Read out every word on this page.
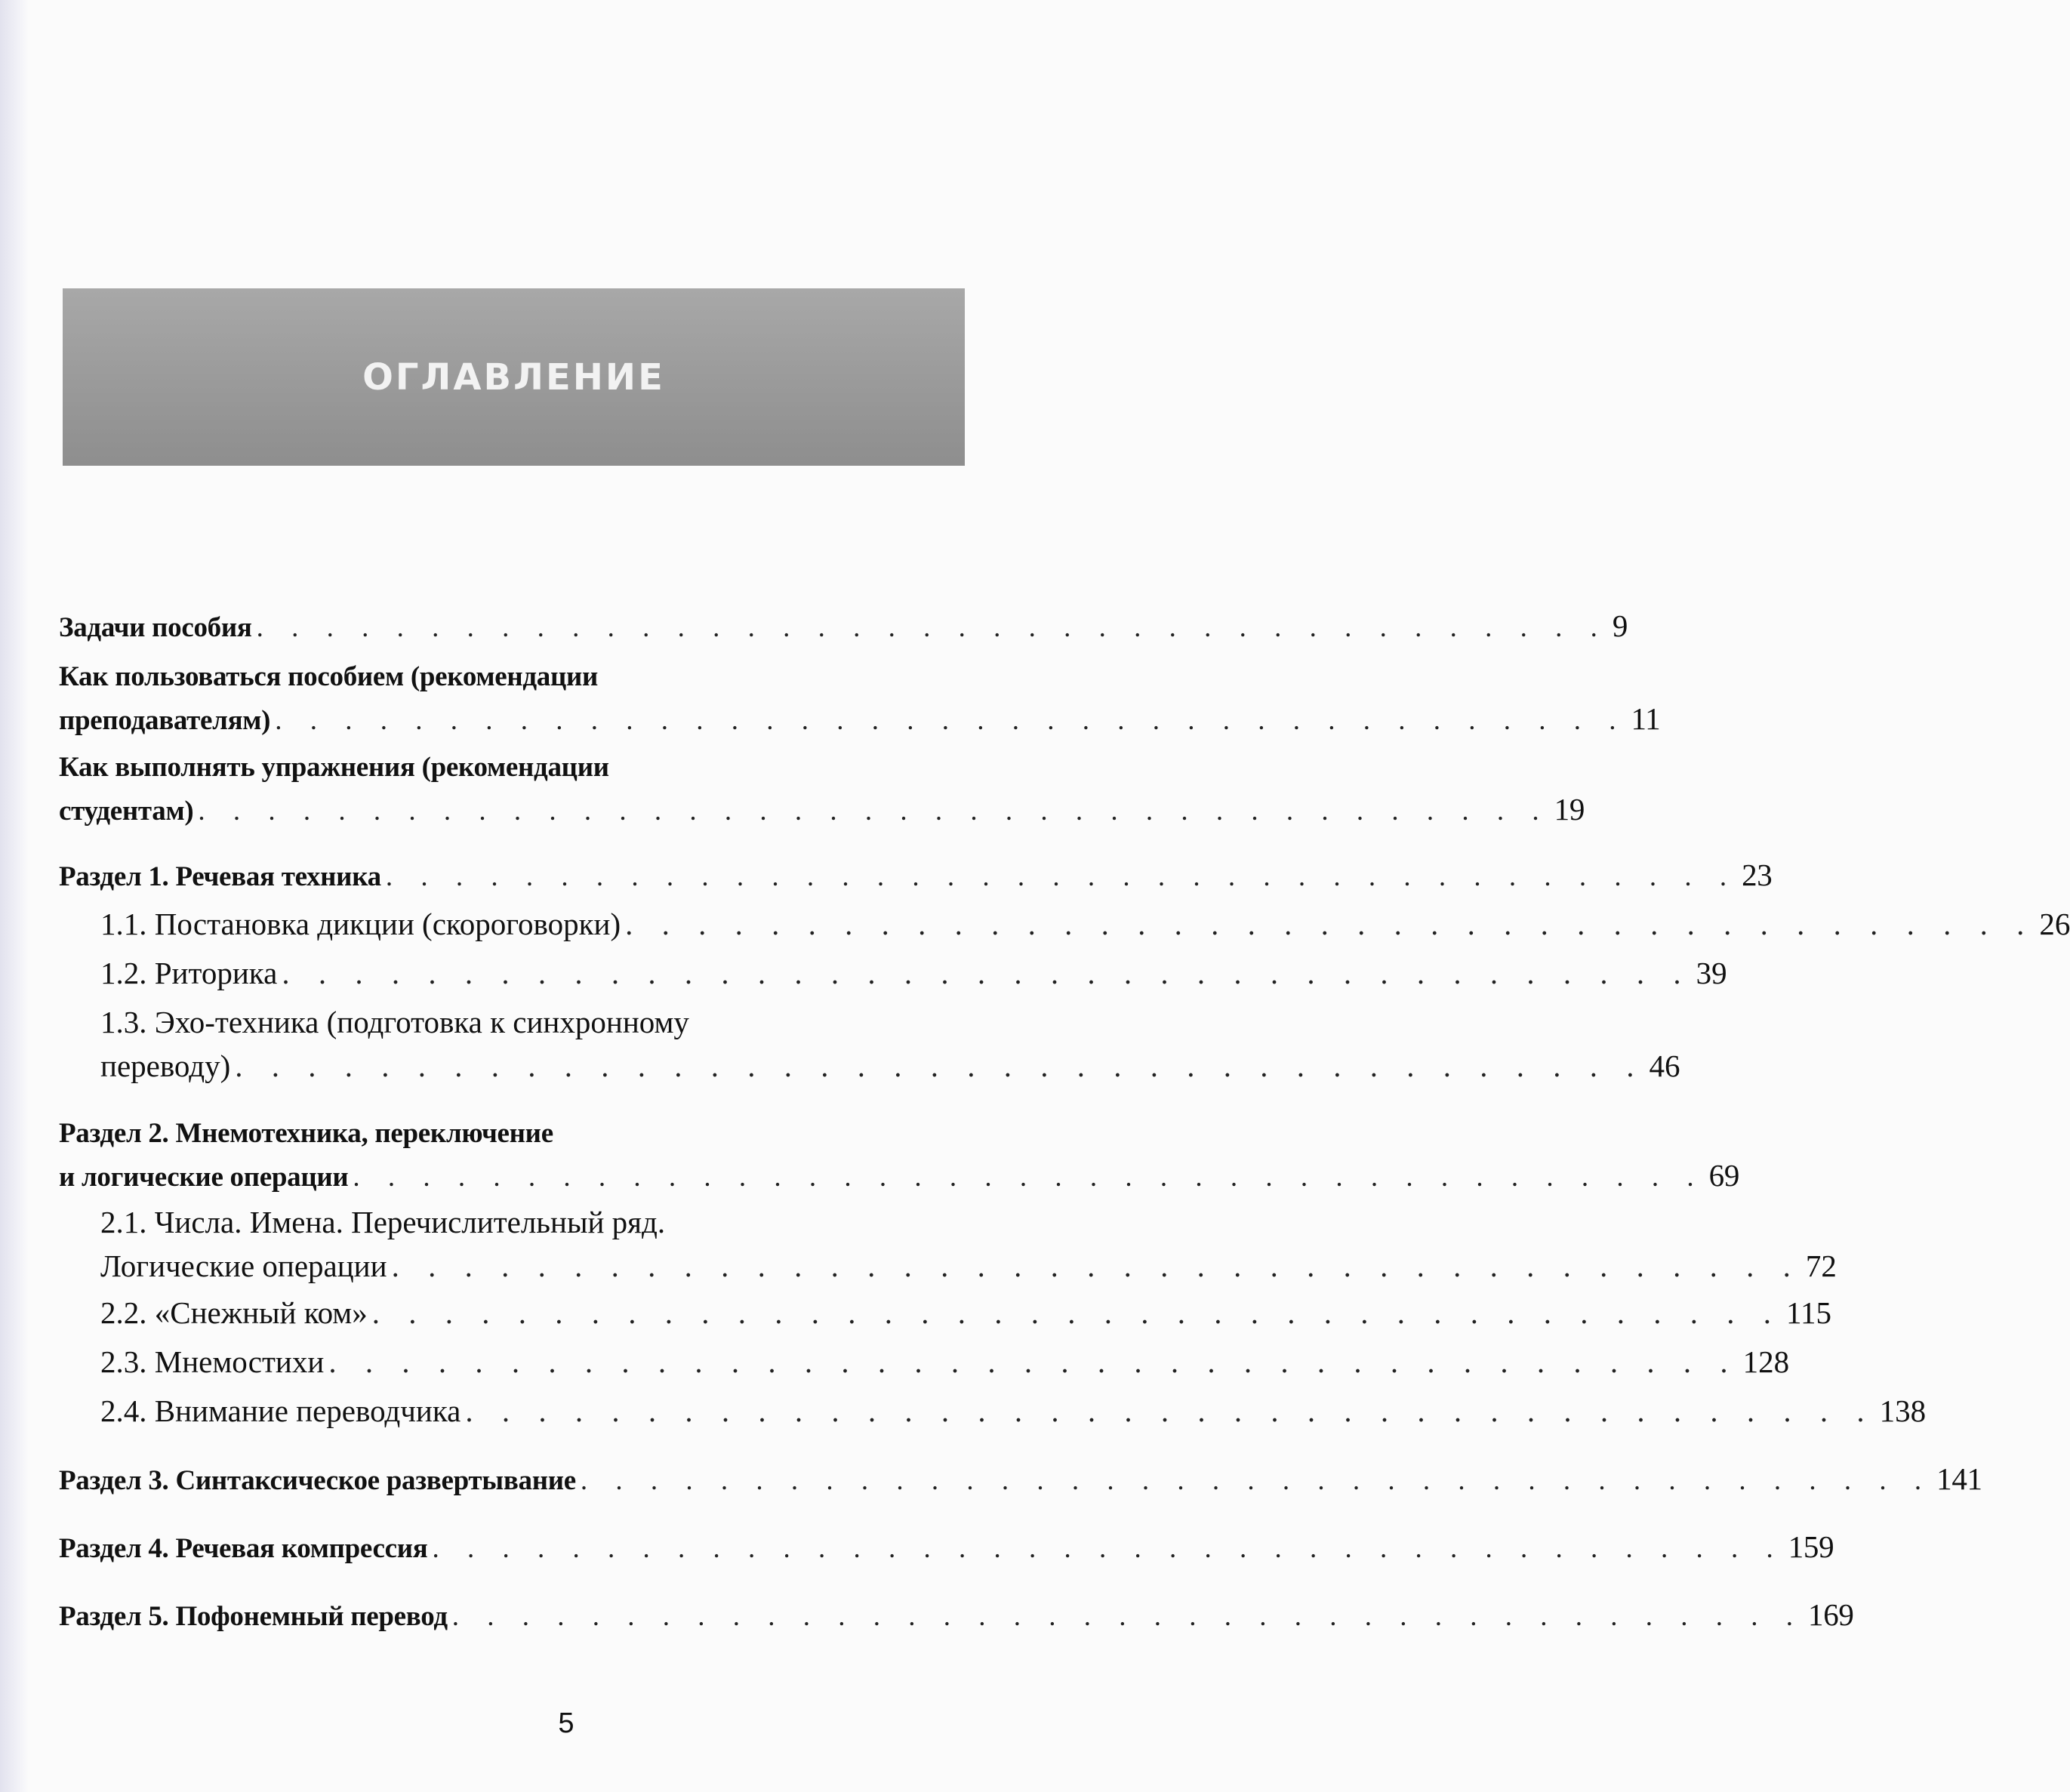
ОГЛАВЛЕНИЕ
Задачи пособия . . . . . . . . . . . . . . . . . . . . . . . . . . . . . . . . . . . . . . . 9
Как пользоваться пособием (рекомендации
преподавателям) . . . . . . . . . . . . . . . . . . . . . . . . . . . . . . . . . . . . . . . 11
Как выполнять упражнения (рекомендации
студентам) . . . . . . . . . . . . . . . . . . . . . . . . . . . . . . . . . . . . . . . 19
Раздел 1. Речевая техника . . . . . . . . . . . . . . . . . . . . . . . . . . . . . . . . . . . . . . . 23
1.1. Постановка дикции (скороговорки) . . . . . . . . . . . . . . . . . . . . . . . . . . . . . . . . . . . . . . . 26
1.2. Риторика . . . . . . . . . . . . . . . . . . . . . . . . . . . . . . . . . . . . . . . 39
1.3. Эхо-техника (подготовка к синхронному
переводу) . . . . . . . . . . . . . . . . . . . . . . . . . . . . . . . . . . . . . . . 46
Раздел 2. Мнемотехника, переключение
и логические операции . . . . . . . . . . . . . . . . . . . . . . . . . . . . . . . . . . . . . . . 69
2.1. Числа. Имена. Перечислительный ряд.
Логические операции . . . . . . . . . . . . . . . . . . . . . . . . . . . . . . . . . . . . . . . 72
2.2. «Снежный ком» . . . . . . . . . . . . . . . . . . . . . . . . . . . . . . . . . . . . . . . 115
2.3. Мнемостихи . . . . . . . . . . . . . . . . . . . . . . . . . . . . . . . . . . . . . . . 128
2.4. Внимание переводчика . . . . . . . . . . . . . . . . . . . . . . . . . . . . . . . . . . . . . . . 138
Раздел 3. Синтаксическое развертывание . . . . . . . . . . . . . . . . . . . . . . . . . . . . . . . . . . . . . . . 141
Раздел 4. Речевая компрессия . . . . . . . . . . . . . . . . . . . . . . . . . . . . . . . . . . . . . . . 159
Раздел 5. Пофонемный перевод . . . . . . . . . . . . . . . . . . . . . . . . . . . . . . . . . . . . . . . 169
5
